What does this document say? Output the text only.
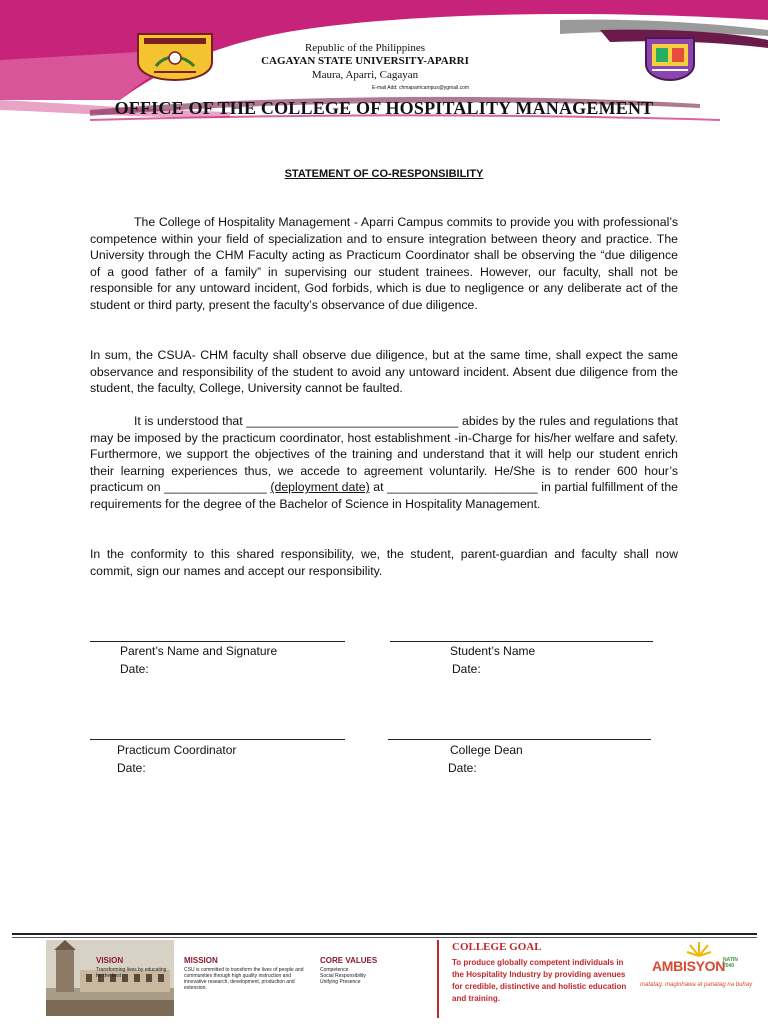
Republic of the Philippines
CAGAYAN STATE UNIVERSITY-APARRI
Maura, Aparri, Cagayan
E-mail Add: chmaparricampus@ygmail.com
OFFICE OF THE COLLEGE OF HOSPITALITY MANAGEMENT
STATEMENT OF CO-RESPONSIBILITY
The College of Hospitality Management - Aparri Campus commits to provide you with professional’s competence within your field of specialization and to ensure integration between theory and practice. The University through the CHM Faculty acting as Practicum Coordinator shall be observing the “due diligence of a good father of a family” in supervising our student trainees. However, our faculty, shall not be responsible for any untoward incident, God forbids, which is due to negligence or any deliberate act of the student or third party, present the faculty’s observance of due diligence.
In sum, the CSUA- CHM faculty shall observe due diligence, but at the same time, shall expect the same observance and responsibility of the student to avoid any untoward incident. Absent due diligence from the student, the faculty, College, University cannot be faulted.
It is understood that _______________________________ abides by the rules and regulations that may be imposed by the practicum coordinator, host establishment -in-Charge for his/her welfare and safety. Furthermore, we support the objectives of the training and understand that it will help our student enrich their learning experiences thus, we accede to agreement voluntarily. He/She is to render 600 hour’s practicum on _______________ (deployment date) at ______________________ in partial fulfillment of the requirements for the degree of the Bachelor of Science in Hospitality Management.
In the conformity to this shared responsibility, we, the student, parent-guardian and faculty shall now commit, sign our names and accept our responsibility.
Parent’s Name and Signature	Student’s Name
Date:	Date:
Practicum Coordinator	College Dean
Date:	Date:
VISION
Transforming lives by educating for the best
MISSION
CSU is committed to transform the lives of people and communities through high quality instruction and innovative research, development, production and extension.
CORE VALUES
Competence
Social Responsibility
Unifying Presence
COLLEGE GOAL
To produce globally competent individuals in the Hospitality Industry by providing avenues for credible, distinctive and holistic education and training.
AMBISYON
NATIN 2040
matatag, maginhawa at panatag na buhay
